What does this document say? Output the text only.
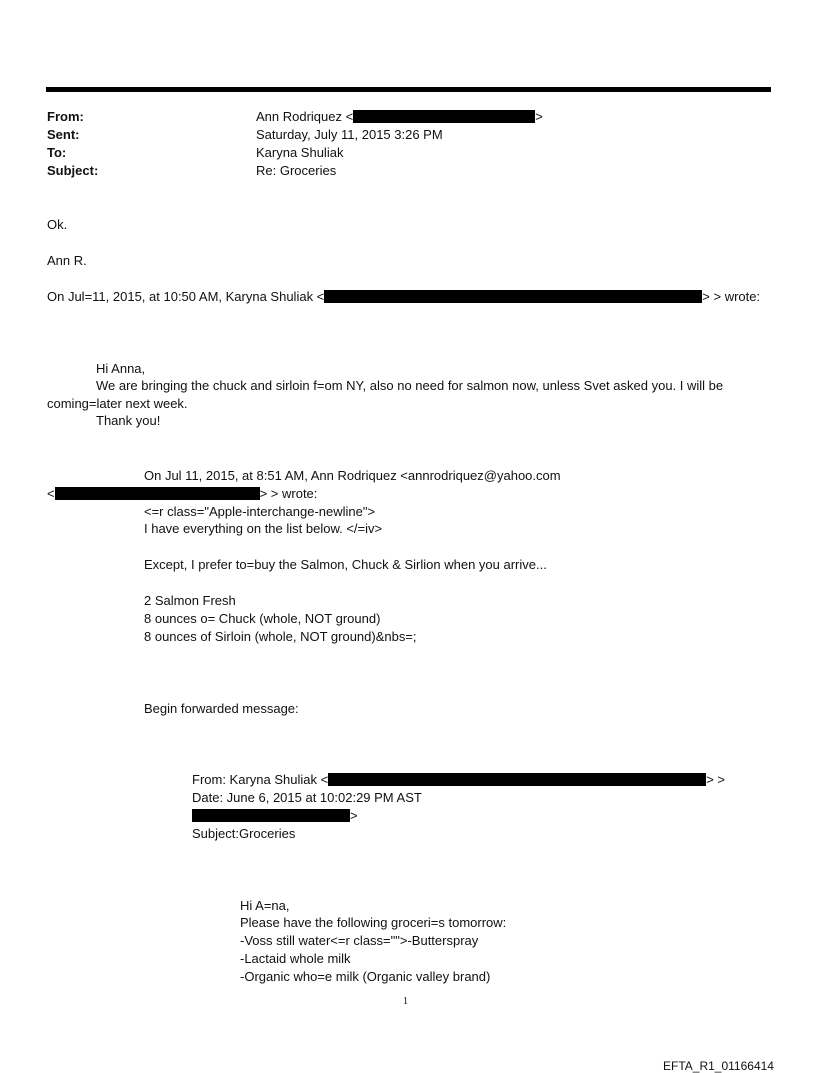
From:	Ann Rodriquez <	>
Sent:	Saturday, July 11, 2015 3:26 PM
To:	Karyna Shuliak
Subject:	Re: Groceries
Ok.
Ann R.
On Jul=11, 2015, at 10:50 AM, Karyna Shuliak <	> > wrote:
Hi Anna,
We are bringing the chuck and sirloin f=om NY, also no need for salmon now, unless Svet asked you. I will be
coming=later next week.
Thank you!
On Jul 11, 2015, at 8:51 AM, Ann Rodriquez <annrodriquez@yahoo.com
<	> > wrote:
<=r class="Apple-interchange-newline">
I have everything on the list below. </=iv>
Except, I prefer to=buy the Salmon, Chuck & Sirlion when you arrive...
2 Salmon Fresh
8 ounces o= Chuck (whole, NOT ground)
8 ounces of Sirloin (whole, NOT ground)&nbs=;
Begin forwarded message:
From: Karyna Shuliak <	> >
Date: June 6, 2015 at 10:02:29 PM AST
>
Subject:Groceries
Hi A=na,
Please have the following groceri=s tomorrow:
-Voss still water<=r class="">-Butterspray
-Lactaid whole milk
-Organic who=e milk (Organic valley brand)
1
EFTA_R1_01166414
